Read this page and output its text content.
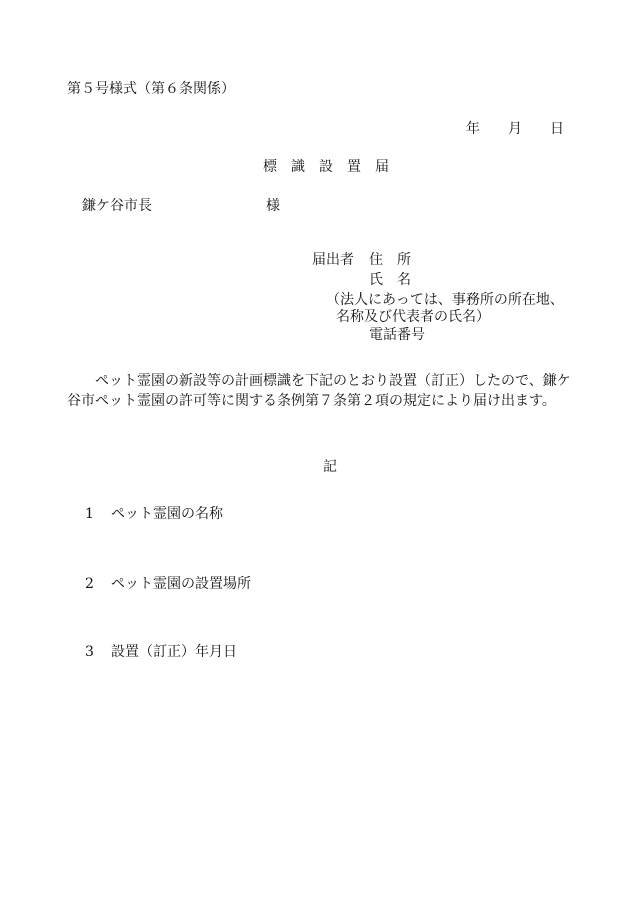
第５号様式（第６条関係）
年　　月　　日
標　識　設　置　届
鎌ケ谷市長	様
届出者 住　所
氏　名
（法人にあっては、事務所の所在地、
名称及び代表者の氏名）
電話番号
ペット霊園の新設等の計画標識を下記のとおり設置（訂正）したので、鎌ケ谷市ペット霊園の許可等に関する条例第７条第２項の規定により届け出ます。
記
1 ペット霊園の名称
2 ペット霊園の設置場所
3 設置（訂正）年月日
